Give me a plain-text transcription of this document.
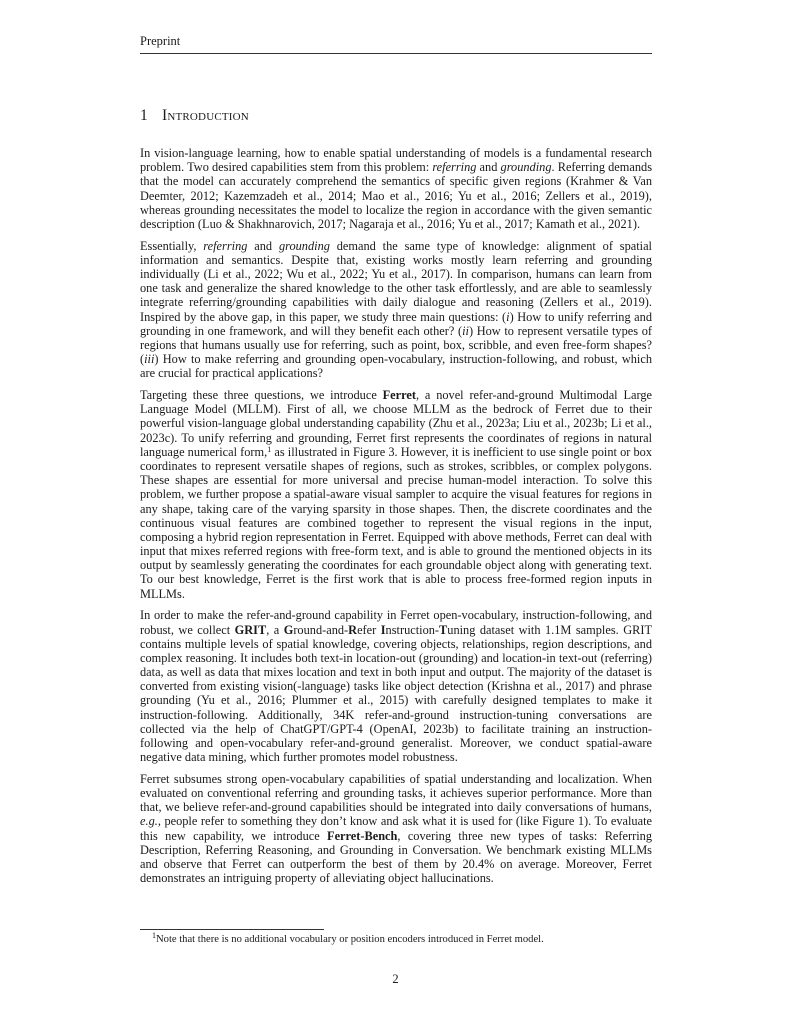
Preprint
1 Introduction

In vision-language learning, how to enable spatial understanding of models is a fundamental research problem. Two desired capabilities stem from this problem: referring and grounding. Referring demands that the model can accurately comprehend the semantics of specific given regions (Krahmer & Van Deemter, 2012; Kazemzadeh et al., 2014; Mao et al., 2016; Yu et al., 2016; Zellers et al., 2019), whereas grounding necessitates the model to localize the region in accordance with the given semantic description (Luo & Shakhnarovich, 2017; Nagaraja et al., 2016; Yu et al., 2017; Kamath et al., 2021).

Essentially, referring and grounding demand the same type of knowledge: alignment of spatial information and semantics. Despite that, existing works mostly learn referring and grounding individually (Li et al., 2022; Wu et al., 2022; Yu et al., 2017). In comparison, humans can learn from one task and generalize the shared knowledge to the other task effortlessly, and are able to seamlessly integrate referring/grounding capabilities with daily dialogue and reasoning (Zellers et al., 2019). Inspired by the above gap, in this paper, we study three main questions: (i) How to unify referring and grounding in one framework, and will they benefit each other? (ii) How to represent versatile types of regions that humans usually use for referring, such as point, box, scribble, and even free-form shapes? (iii) How to make referring and grounding open-vocabulary, instruction-following, and robust, which are crucial for practical applications?

Targeting these three questions, we introduce Ferret, a novel refer-and-ground Multimodal Large Language Model (MLLM). First of all, we choose MLLM as the bedrock of Ferret due to their powerful vision-language global understanding capability (Zhu et al., 2023a; Liu et al., 2023b; Li et al., 2023c). To unify referring and grounding, Ferret first represents the coordinates of regions in natural language numerical form,$^1$ as illustrated in Figure 3. However, it is inefficient to use single point or box coordinates to represent versatile shapes of regions, such as strokes, scribbles, or complex polygons. These shapes are essential for more universal and precise human-model interaction. To solve this problem, we further propose a spatial-aware visual sampler to acquire the visual features for regions in any shape, taking care of the varying sparsity in those shapes. Then, the discrete coordinates and the continuous visual features are combined together to represent the visual regions in the input, composing a hybrid region representation in Ferret. Equipped with above methods, Ferret can deal with input that mixes referred regions with free-form text, and is able to ground the mentioned objects in its output by seamlessly generating the coordinates for each groundable object along with generating text. To our best knowledge, Ferret is the first work that is able to process free-formed region inputs in MLLMs.

In order to make the refer-and-ground capability in Ferret open-vocabulary, instruction-following, and robust, we collect GRIT, a Ground-and-Refer Instruction-Tuning dataset with 1.1M samples. GRIT contains multiple levels of spatial knowledge, covering objects, relationships, region descriptions, and complex reasoning. It includes both text-in location-out (grounding) and location-in text-out (referring) data, as well as data that mixes location and text in both input and output. The majority of the dataset is converted from existing vision(-language) tasks like object detection (Krishna et al., 2017) and phrase grounding (Yu et al., 2016; Plummer et al., 2015) with carefully designed templates to make it instruction-following. Additionally, 34K refer-and-ground instruction-tuning conversations are collected via the help of ChatGPT/GPT-4 (OpenAI, 2023b) to facilitate training an instruction-following and open-vocabulary refer-and-ground generalist. Moreover, we conduct spatial-aware negative data mining, which further promotes model robustness.

Ferret subsumes strong open-vocabulary capabilities of spatial understanding and localization. When evaluated on conventional referring and grounding tasks, it achieves superior performance. More than that, we believe refer-and-ground capabilities should be integrated into daily conversations of humans, e.g., people refer to something they don’t know and ask what it is used for (like Figure 1). To evaluate this new capability, we introduce Ferret-Bench, covering three new types of tasks: Referring Description, Referring Reasoning, and Grounding in Conversation. We benchmark existing MLLMs and observe that Ferret can outperform the best of them by 20.4% on average. Moreover, Ferret demonstrates an intriguing property of alleviating object hallucinations.

$^1$Note that there is no additional vocabulary or position encoders introduced in Ferret model.
2
